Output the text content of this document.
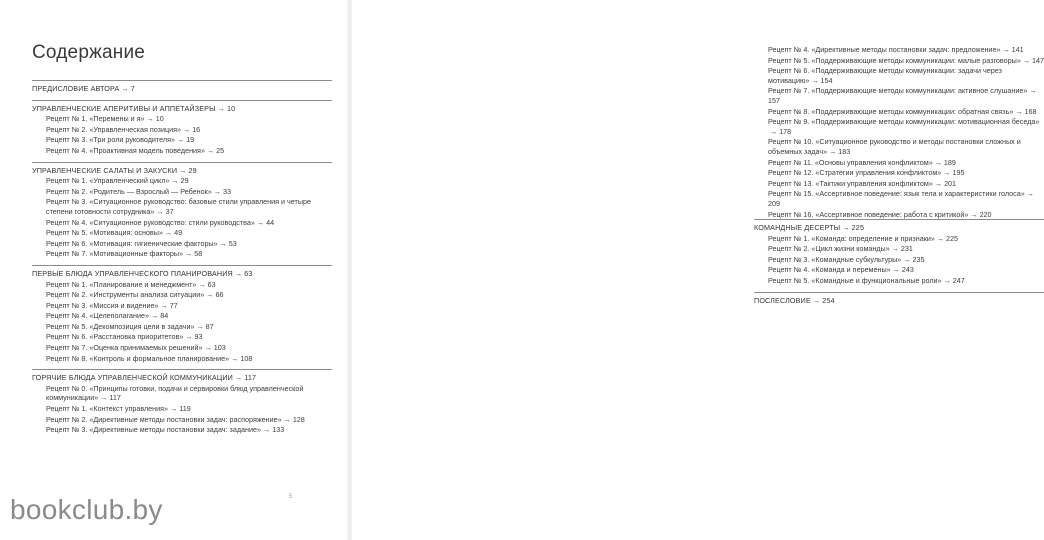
Содержание
ПРЕДИСЛОВИЕ АВТОРА → 7
УПРАВЛЕНЧЕСКИЕ АПЕРИТИВЫ И АППЕТАЙЗЕРЫ → 10
Рецепт № 1. «Перемены и я» → 10
Рецепт № 2. «Управленческая позиция» → 16
Рецепт № 3. «Три роли руководителя» → 19
Рецепт № 4. «Проактивная модель поведения» → 25
УПРАВЛЕНЧЕСКИЕ САЛАТЫ И ЗАКУСКИ → 29
Рецепт № 1. «Управленческий цикл» → 29
Рецепт № 2. «Родитель — Взрослый — Ребенок» → 33
Рецепт № 3. «Ситуационное руководство: базовые стили управления и четыре степени готовности сотрудника» → 37
Рецепт № 4. «Ситуационное руководство: стили руководства» → 44
Рецепт № 5. «Мотивация: основы» → 49
Рецепт № 6. «Мотивация: гигиенические факторы» → 53
Рецепт № 7. «Мотивационные факторы» → 58
ПЕРВЫЕ БЛЮДА УПРАВЛЕНЧЕСКОГО ПЛАНИРОВАНИЯ → 63
Рецепт № 1. «Планирование и менеджмент» → 63
Рецепт № 2. «Инструменты анализа ситуации» → 66
Рецепт № 3. «Миссия и видение» → 77
Рецепт № 4. «Целеполагание» → 84
Рецепт № 5. «Декомпозиция цели в задачи» → 87
Рецепт № 6. «Расстановка приоритетов» → 93
Рецепт № 7. «Оценка принимаемых решений» → 103
Рецепт № 8. «Контроль и формальное планирование» → 108
ГОРЯЧИЕ БЛЮДА УПРАВЛЕНЧЕСКОЙ КОММУНИКАЦИИ → 117
Рецепт № 0. «Принципы готовки, подачи и сервировки блюд управленческой коммуникации» → 117
Рецепт № 1. «Контекст управления» → 119
Рецепт № 2. «Директивные методы постановки задач: распоряжение» → 128
Рецепт № 3. «Директивные методы постановки задач: задание» → 133
5
Рецепт № 4. «Директивные методы постановки задач: предложение» → 141
Рецепт № 5. «Поддерживающие методы коммуникации: малые разговоры» → 147
Рецепт № 6. «Поддерживающие методы коммуникации: задачи через мотивацию» → 154
Рецепт № 7. «Поддерживающие методы коммуникации: активное слушание» →157
Рецепт № 8. «Поддерживающие методы коммуникации: обратная связь» → 168
Рецепт № 9. «Поддерживающие методы коммуникации: мотивационная беседа»→ 178
Рецепт № 10. «Ситуационное руководство и методы постановки сложных и объемных задач» → 183
Рецепт № 11. «Основы управления конфликтом» → 189
Рецепт № 12. «Стратегии управления конфликтом» → 195
Рецепт № 13. «Тактики управления конфликтом» → 201
Рецепт № 15. «Ассертивное поведение: язык тела и характеристики голоса» →209
Рецепт № 16. «Ассертивное поведение: работа с критикой» → 220
КОМАНДНЫЕ ДЕСЕРТЫ → 225
Рецепт № 1. «Команда: определение и признаки» → 225
Рецепт № 2. «Цикл жизни команды» → 231
Рецепт № 3. «Командные субкультуры» → 235
Рецепт № 4. «Команда и перемены» → 243
Рецепт № 5. «Командные и функциональные роли» → 247
ПОСЛЕСЛОВИЕ → 254
bookclub.by
